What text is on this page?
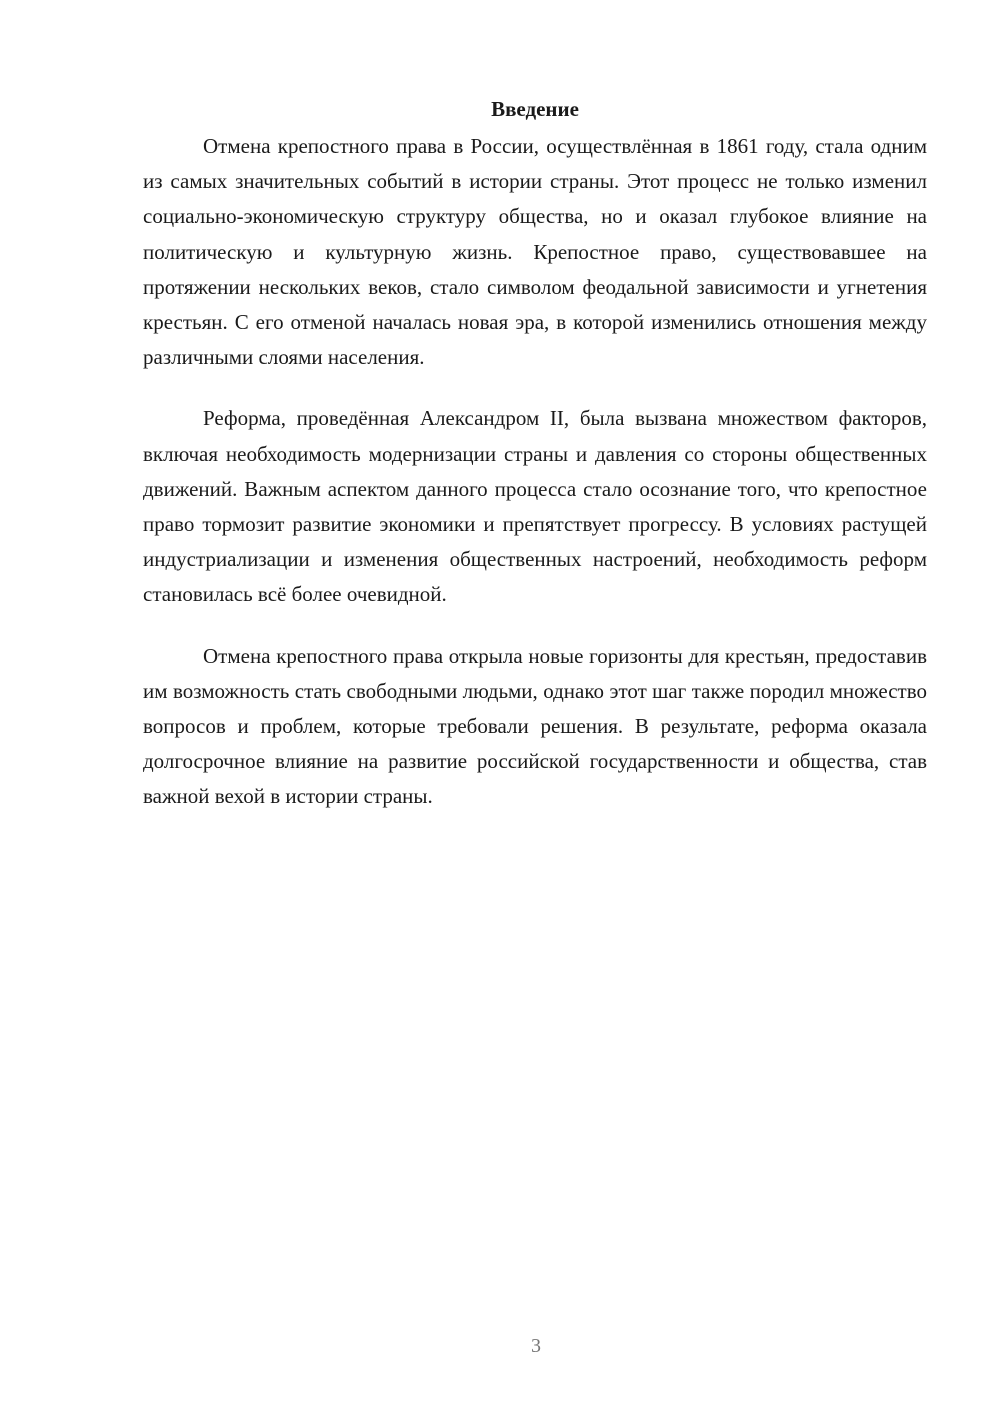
Введение

Отмена крепостного права в России, осуществлённая в 1861 году, стала одним из самых значительных событий в истории страны. Этот процесс не только изменил социально-экономическую структуру общества, но и оказал глубокое влияние на политическую и культурную жизнь. Крепостное право, существовавшее на протяжении нескольких веков, стало символом феодальной зависимости и угнетения крестьян. С его отменой началась новая эра, в которой изменились отношения между различными слоями населения.

Реформа, проведённая Александром II, была вызвана множеством факторов, включая необходимость модернизации страны и давления со стороны общественных движений. Важным аспектом данного процесса стало осознание того, что крепостное право тормозит развитие экономики и препятствует прогрессу. В условиях растущей индустриализации и изменения общественных настроений, необходимость реформ становилась всё более очевидной.

Отмена крепостного права открыла новые горизонты для крестьян, предоставив им возможность стать свободными людьми, однако этот шаг также породил множество вопросов и проблем, которые требовали решения. В результате, реформа оказала долгосрочное влияние на развитие российской государственности и общества, став важной вехой в истории страны.

3
